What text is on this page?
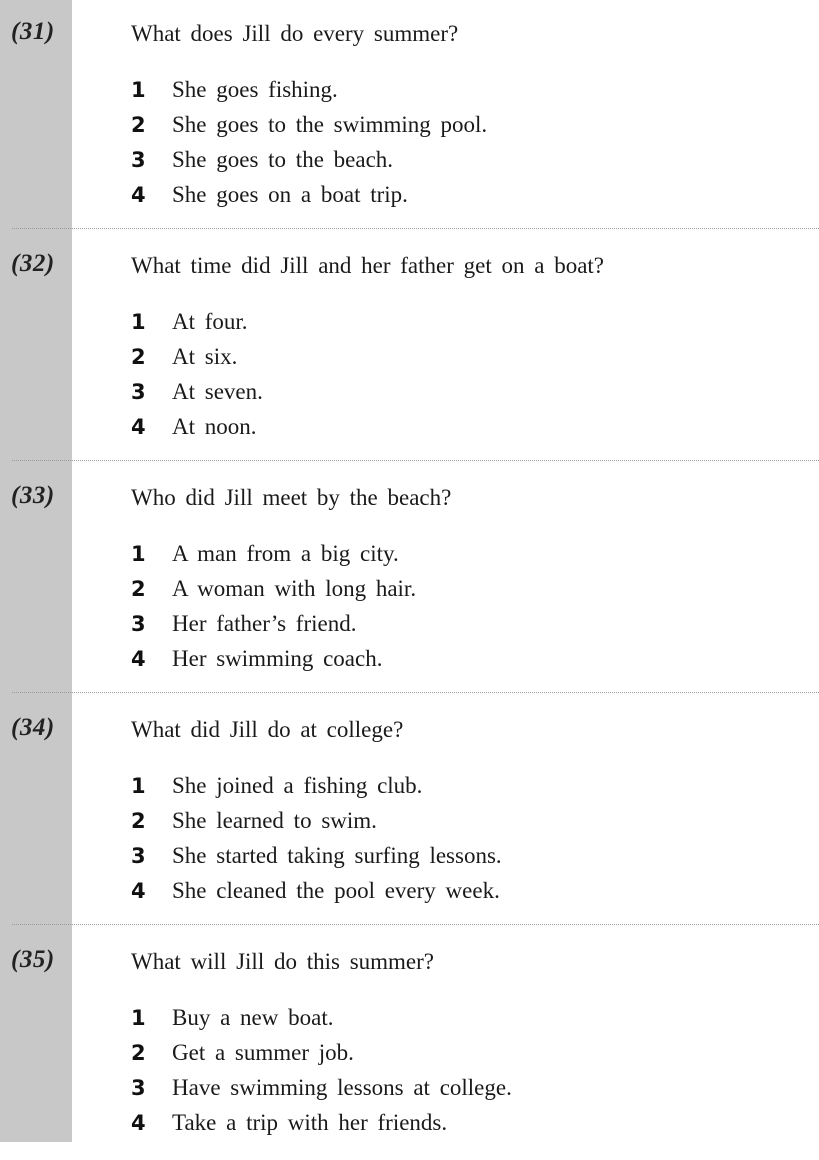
(31)	What does Jill do every summer?
1	She goes fishing.
2	She goes to the swimming pool.
3	She goes to the beach.
4	She goes on a boat trip.
(32)	What time did Jill and her father get on a boat?
1	At four.
2	At six.
3	At seven.
4	At noon.
(33)	Who did Jill meet by the beach?
1	A man from a big city.
2	A woman with long hair.
3	Her father’s friend.
4	Her swimming coach.
(34)	What did Jill do at college?
1	She joined a fishing club.
2	She learned to swim.
3	She started taking surfing lessons.
4	She cleaned the pool every week.
(35)	What will Jill do this summer?
1	Buy a new boat.
2	Get a summer job.
3	Have swimming lessons at college.
4	Take a trip with her friends.
